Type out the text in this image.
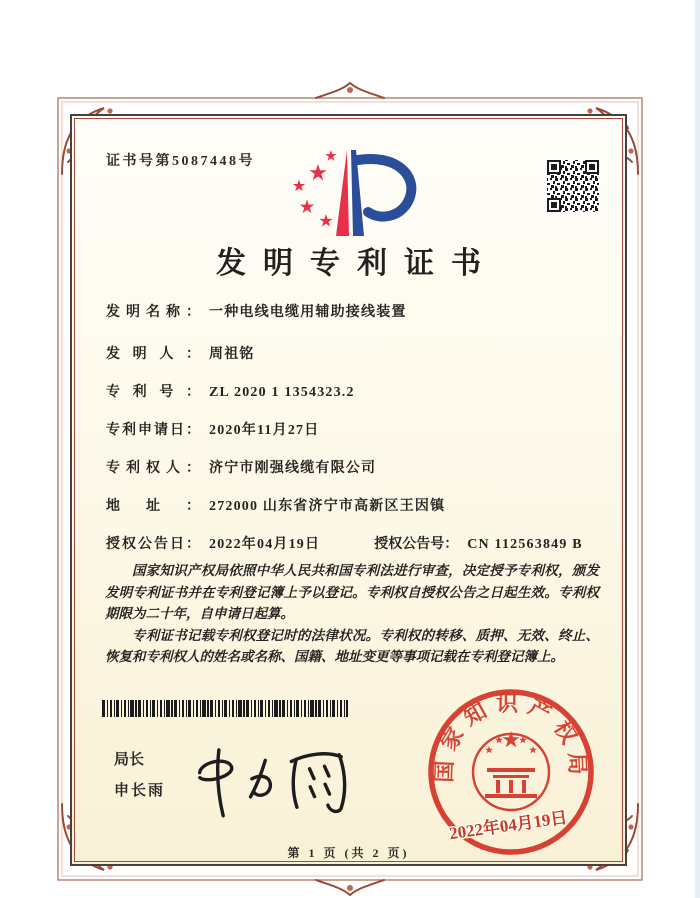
证书号第5087448号
发明专利证书
发明名称： 一种电线电缆用辅助接线装置
发明人： 周祖铭
专利号： ZL 2020 1 1354323.2
专利申请日： 2020年11月27日
专利权人： 济宁市刚强线缆有限公司
地址： 272000 山东省济宁市高新区王因镇
授权公告日： 2022年04月19日	授权公告号： CN 112563849 B

国家知识产权局依照中华人民共和国专利法进行审查，决定授予专利权，颁发发明专利证书并在专利登记簿上予以登记。专利权自授权公告之日起生效。专利权期限为二十年，自申请日起算。

专利证书记载专利权登记时的法律状况。专利权的转移、质押、无效、终止、恢复和专利权人的姓名或名称、国籍、地址变更等事项记载在专利登记簿上。

局长
申长雨
第 1 页 (共 2 页)
国家知识产权局
2022年04月19日
